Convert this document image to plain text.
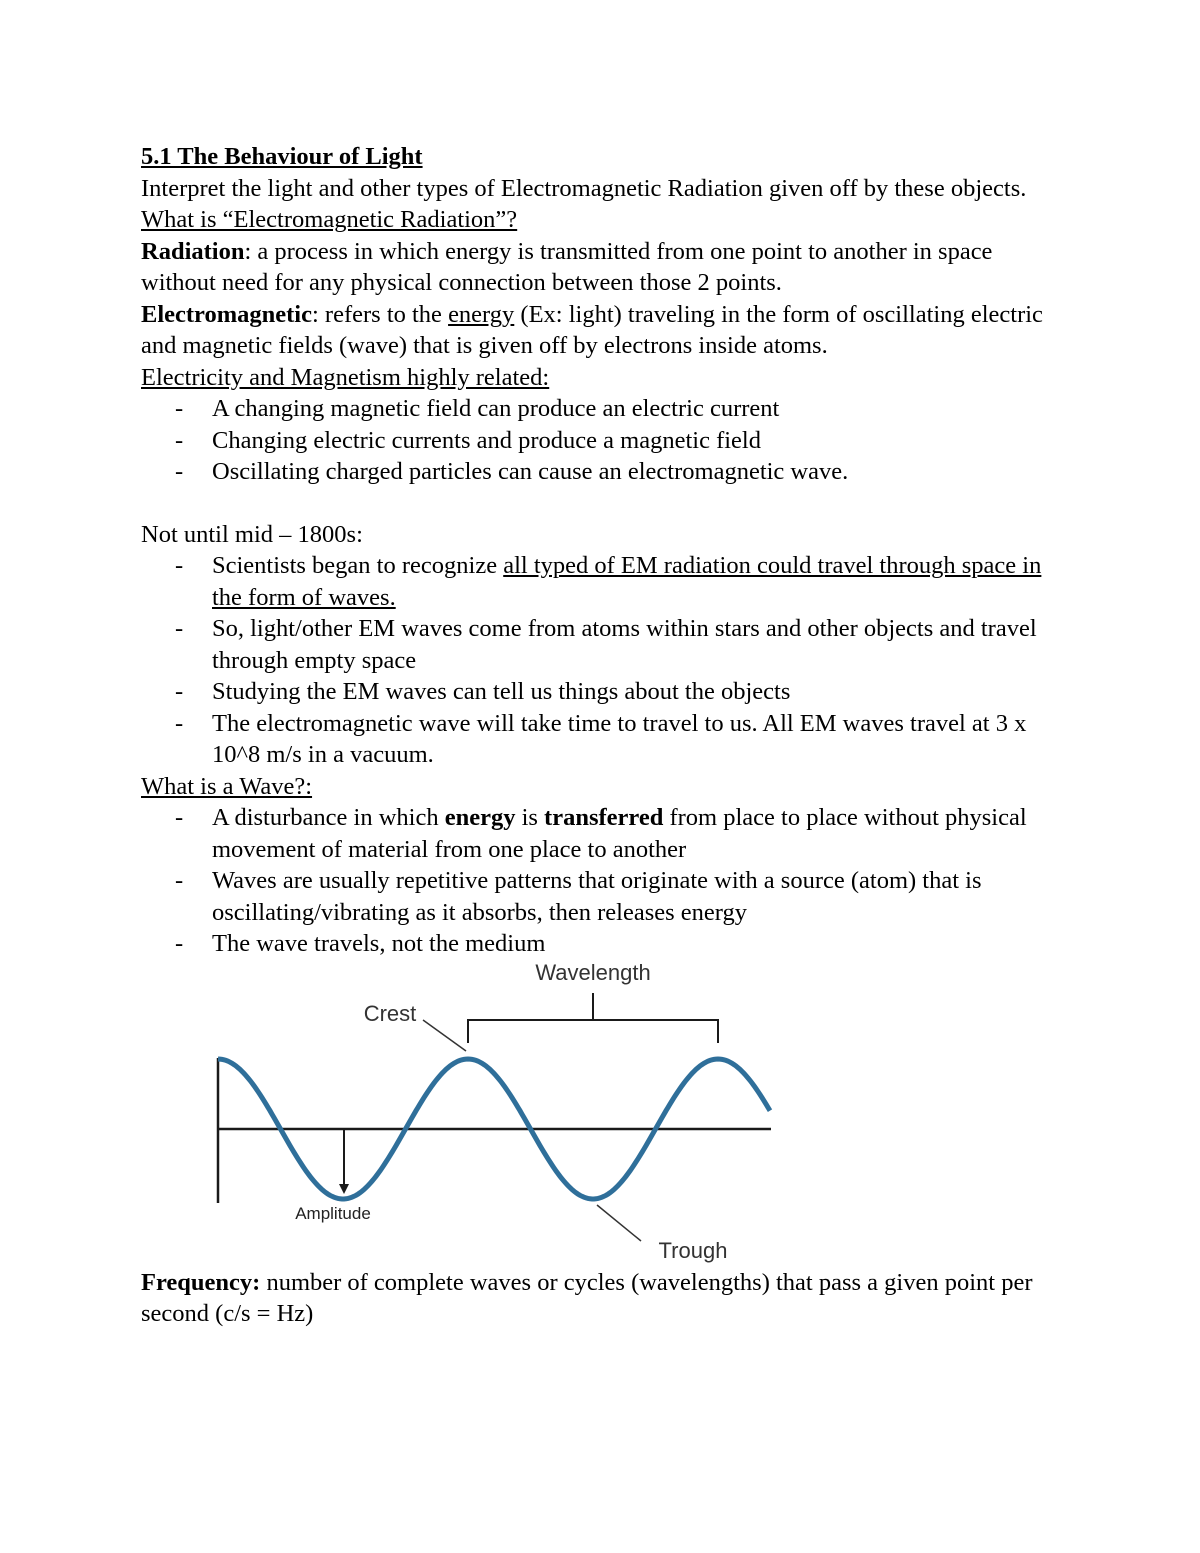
5.1 The Behaviour of Light

Interpret the light and other types of Electromagnetic Radiation given off by these objects.

What is “Electromagnetic Radiation”?

Radiation: a process in which energy is transmitted from one point to another in space without need for any physical connection between those 2 points.

Electromagnetic: refers to the energy (Ex: light) traveling in the form of oscillating electric and magnetic fields (wave) that is given off by electrons inside atoms.

Electricity and Magnetism highly related:

- A changing magnetic field can produce an electric current
- Changing electric currents and produce a magnetic field
- Oscillating charged particles can cause an electromagnetic wave.

Not until mid – 1800s:

- Scientists began to recognize all typed of EM radiation could travel through space in the form of waves.
- So, light/other EM waves come from atoms within stars and other objects and travel through empty space
- Studying the EM waves can tell us things about the objects
- The electromagnetic wave will take time to travel to us. All EM waves travel at 3 x 10^8 m/s in a vacuum.

What is a Wave?:

- A disturbance in which energy is transferred from place to place without physical movement of material from one place to another
- Waves are usually repetitive patterns that originate with a source (atom) that is oscillating/vibrating as it absorbs, then releases energy
- The wave travels, not the medium
Wavelength
Crest
Amplitude
Trough

Frequency: number of complete waves or cycles (wavelengths) that pass a given point per second (c/s = Hz)
